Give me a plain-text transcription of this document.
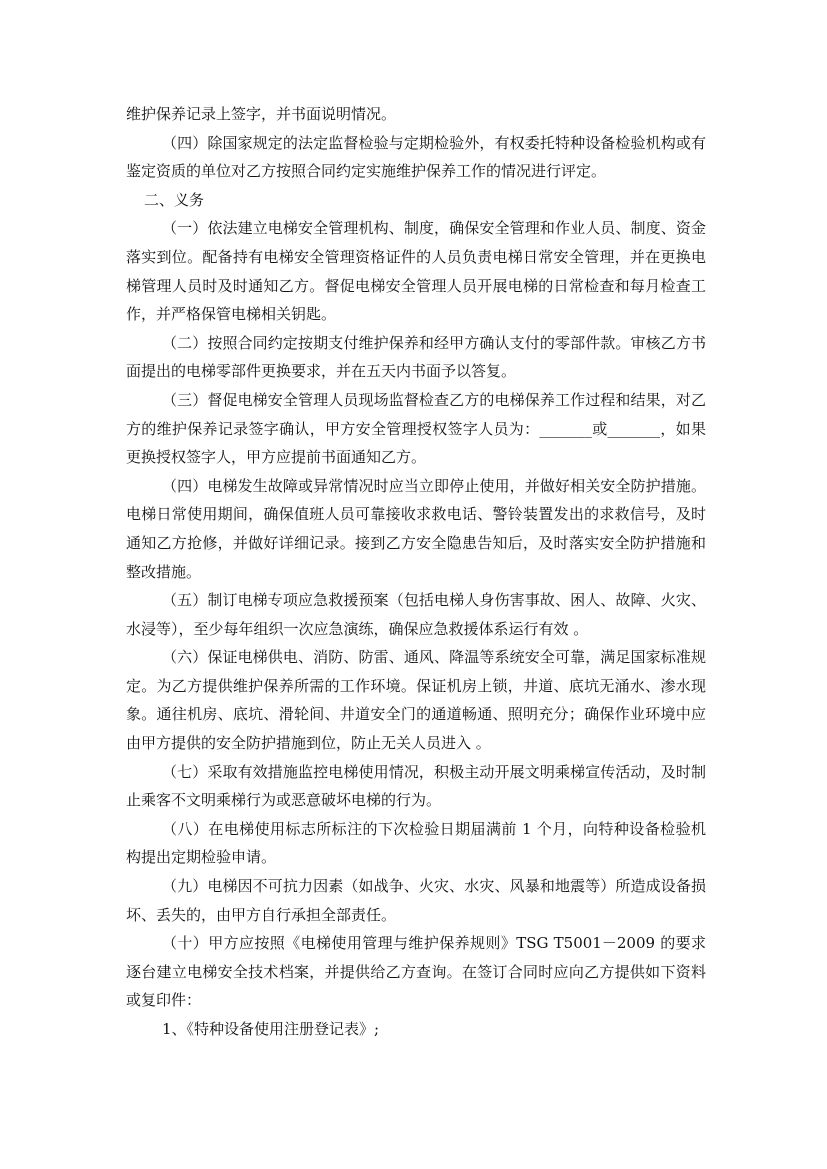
维护保养记录上签字，并书面说明情况。

（四）除国家规定的法定监督检验与定期检验外，有权委托特种设备检验机构或有鉴定资质的单位对乙方按照合同约定实施维护保养工作的情况进行评定。

二、义务

（一）依法建立电梯安全管理机构、制度，确保安全管理和作业人员、制度、资金落实到位。配备持有电梯安全管理资格证件的人员负责电梯日常安全管理，并在更换电梯管理人员时及时通知乙方。督促电梯安全管理人员开展电梯的日常检查和每月检查工作，并严格保管电梯相关钥匙。

（二）按照合同约定按期支付维护保养和经甲方确认支付的零部件款。审核乙方书面提出的电梯零部件更换要求，并在五天内书面予以答复。

（三）督促电梯安全管理人员现场监督检查乙方的电梯保养工作过程和结果，对乙方的维护保养记录签字确认，甲方安全管理授权签字人员为：_______或_______，如果更换授权签字人，甲方应提前书面通知乙方。

（四）电梯发生故障或异常情况时应当立即停止使用，并做好相关安全防护措施。电梯日常使用期间，确保值班人员可靠接收求救电话、警铃装置发出的求救信号，及时通知乙方抢修，并做好详细记录。接到乙方安全隐患告知后，及时落实安全防护措施和整改措施。

（五）制订电梯专项应急救援预案（包括电梯人身伤害事故、困人、故障、火灾、水浸等），至少每年组织一次应急演练，确保应急救援体系运行有效 。

（六）保证电梯供电、消防、防雷、通风、降温等系统安全可靠，满足国家标准规定。为乙方提供维护保养所需的工作环境。保证机房上锁，井道、底坑无涌水、渗水现象。通往机房、底坑、滑轮间、井道安全门的通道畅通、照明充分；确保作业环境中应由甲方提供的安全防护措施到位，防止无关人员进入 。

（七）采取有效措施监控电梯使用情况，积极主动开展文明乘梯宣传活动，及时制止乘客不文明乘梯行为或恶意破坏电梯的行为。

（八）在电梯使用标志所标注的下次检验日期届满前 1 个月，向特种设备检验机构提出定期检验申请。

（九）电梯因不可抗力因素（如战争、火灾、水灾、风暴和地震等）所造成设备损坏、丢失的，由甲方自行承担全部责任。

（十）甲方应按照《电梯使用管理与维护保养规则》TSG T5001－2009 的要求逐台建立电梯安全技术档案，并提供给乙方查询。在签订合同时应向乙方提供如下资料或复印件：

1、《特种设备使用注册登记表》;
